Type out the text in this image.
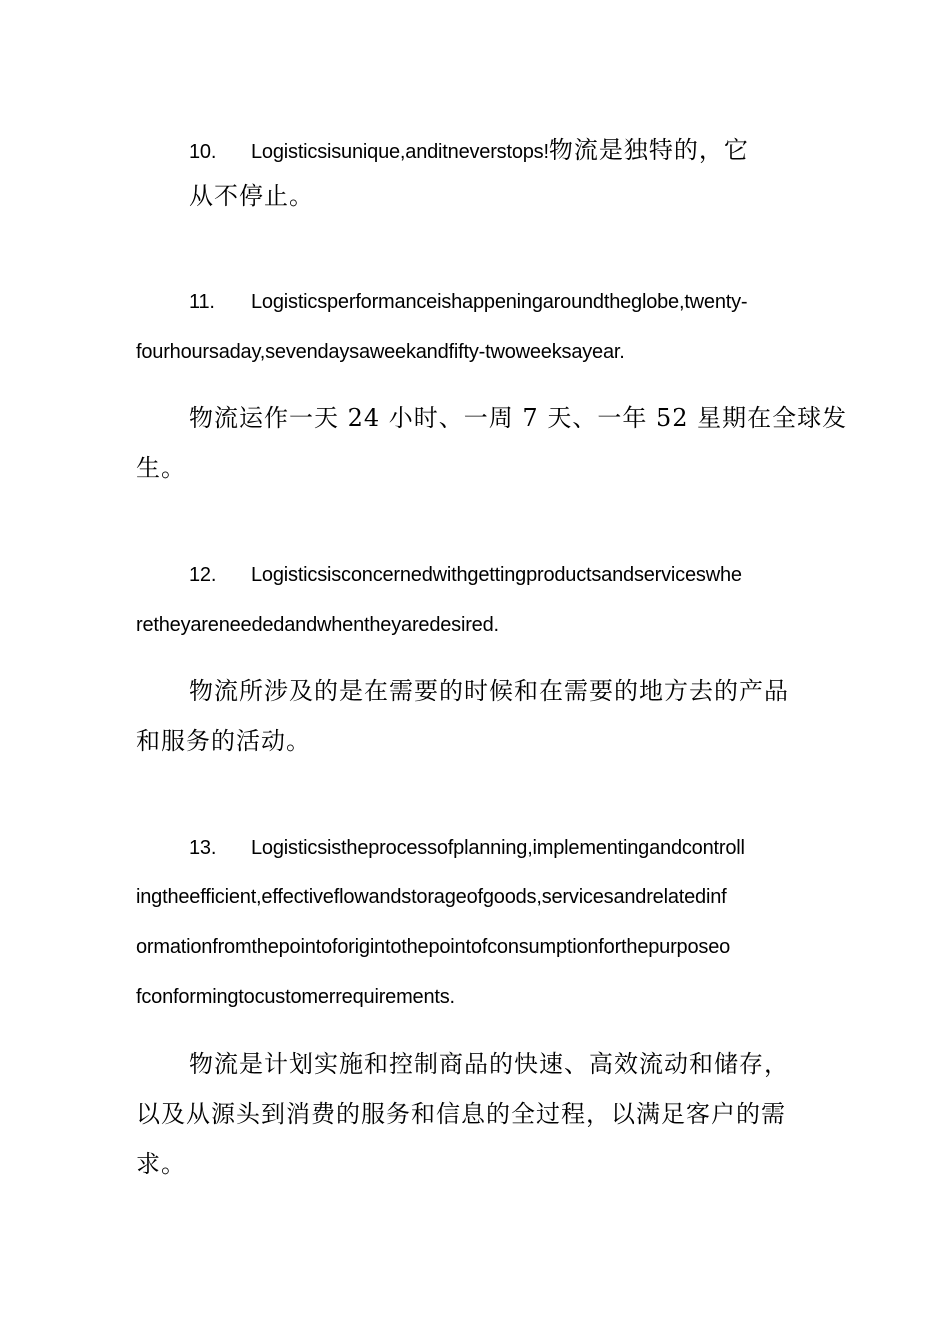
10. Logisticsisunique,anditneverstops!物流是独特的，它
从不停止。
11. Logisticsperformanceishappeningaroundtheglobe,twenty-
fourhoursaday,sevendaysaweekandfifty-twoweeksayear.
物流运作一天 24 小时、一周 7 天、一年 52 星期在全球发
生。
12. Logisticsisconcernedwithgettingproductsandserviceswhe
retheyareneededandwhentheyaredesired.
物流所涉及的是在需要的时候和在需要的地方去的产品
和服务的活动。
13. Logisticsistheprocessofplanning,implementingandcontroll
ingtheefficient,effectiveflowandstorageofgoods,servicesandrelatedinf
ormationfromthepointoforigintothepointofconsumptionforthepurposeo
fconformingtocustomerrequirements.
物流是计划实施和控制商品的快速、高效流动和储存，
以及从源头到消费的服务和信息的全过程，以满足客户的需
求。
